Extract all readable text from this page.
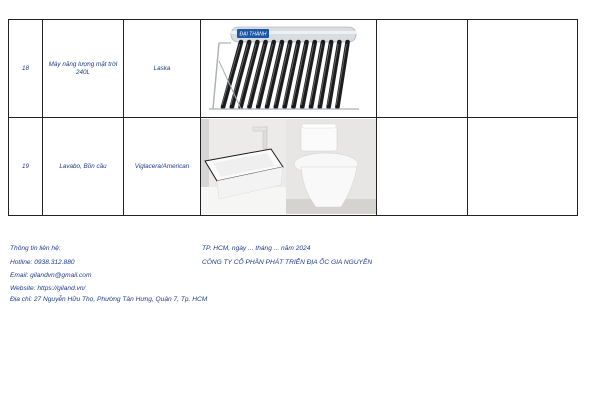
18	Máy năng lượng mặt trời 240L	Laska	ĐẠI THÀNH		

19	Lavabo, Bồn cầu	Viglacera/American	

Thông tin liên hệ:
Hotline: 0938.312.880
Email: gilandvn@gmail.com
Website: https://giland.vn/
Địa chỉ: 27 Nguyễn Hữu Thọ, Phường Tân Hưng, Quận 7, Tp. HCM
TP. HCM, ngày ... tháng ... năm 2024
CÔNG TY CỔ PHẦN PHÁT TRIỂN ĐỊA ỐC GIA NGUYÊN
